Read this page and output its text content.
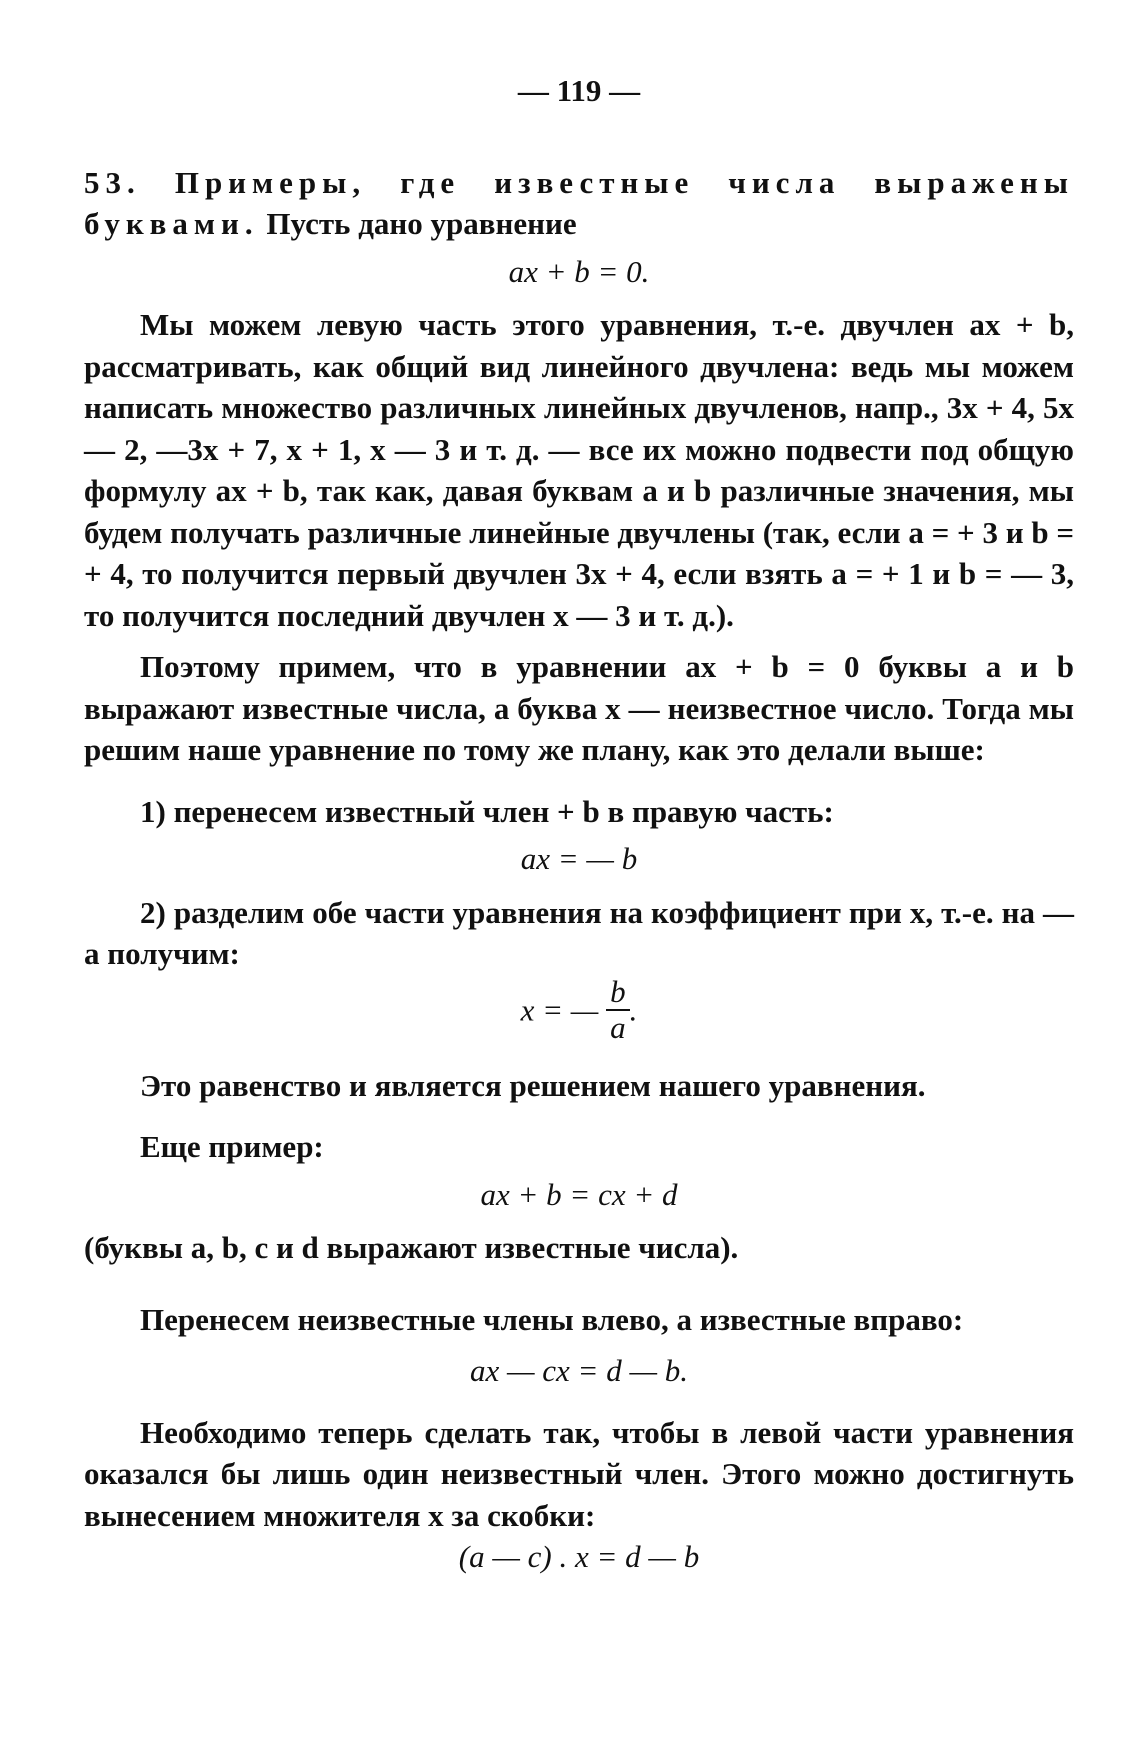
— 119 —

53. Примеры, где известные числа выражены буквами. Пусть дано уравнение

ax + b = 0.

Мы можем левую часть этого уравнения, т.-е. двучлен ax + b, рассматривать, как общий вид линейного двучлена: ведь мы можем написать множество различных линейных двучленов, напр., 3x + 4, 5x — 2, —3x + 7, x + 1, x — 3 и т. д. — все их можно подвести под общую формулу ax + b, так как, давая буквам a и b различные значения, мы будем получать различные линейные двучлены (так, если a = + 3 и b = + 4, то получится первый двучлен 3x + 4, если взять a = + 1 и b = — 3, то получится последний двучлен x — 3 и т. д.).

Поэтому примем, что в уравнении ax + b = 0 буквы a и b выражают известные числа, а буква x — неизвестное число. Тогда мы решим наше уравнение по тому же плану, как это делали выше:

1) перенесем известный член + b в правую часть:

ax = — b

2) разделим обе части уравнения на коэффициент при x, т.-е. на — a получим:

x = — $\frac{b}{a}$ .

Это равенство и является решением нашего уравнения.

Еще пример:

ax + b = cx + d

(буквы a, b, c и d выражают известные числа).

Перенесем неизвестные члены влево, а известные вправо:

ax — cx = d — b.

Необходимо теперь сделать так, чтобы в левой части уравнения оказался бы лишь один неизвестный член. Этого можно достигнуть вынесением множителя x за скобки:

(a — c) . x = d — b
